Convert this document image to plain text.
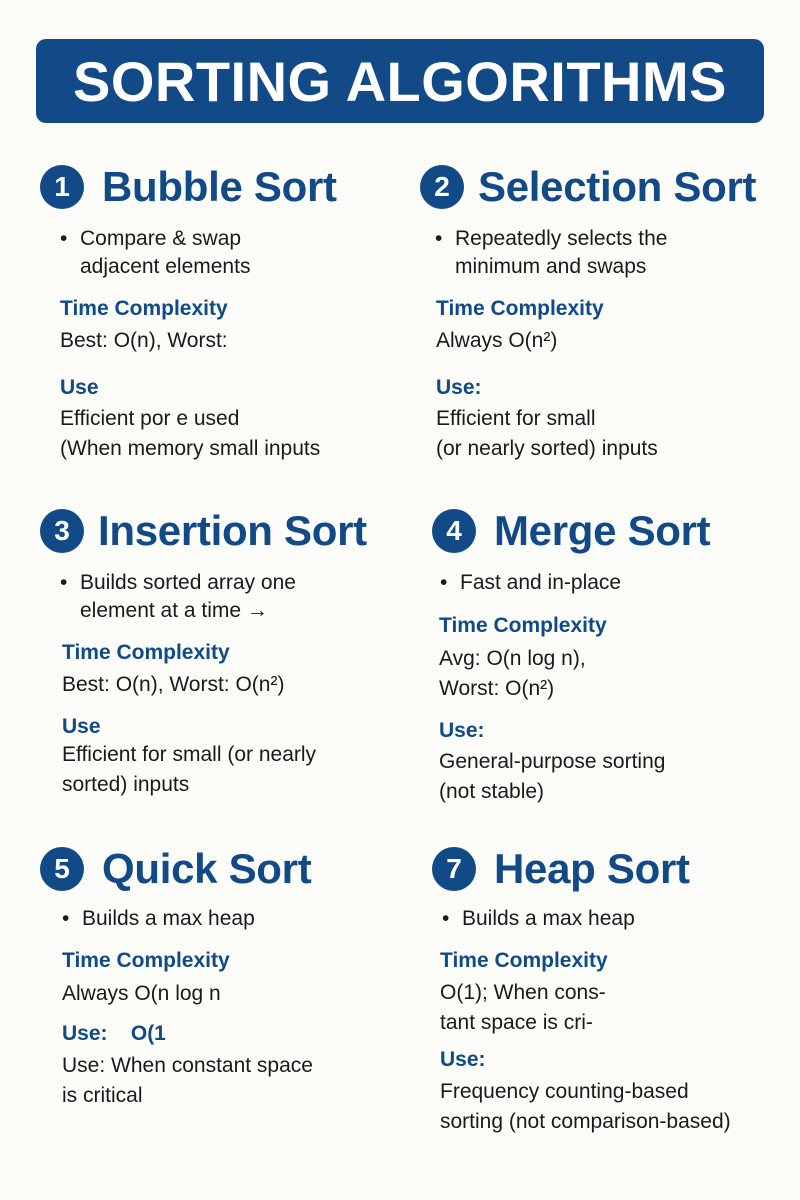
SORTING ALGORITHMS
1 Bubble Sort
• Compare & swap
adjacent elements
Time Complexity
Best: O(n), Worst:
Use
Efficient por e used
(When memory small inputs
2 Selection Sort
• Repeatedly selects the
minimum and swaps
Time Complexity
Always O(n²)
Use:
Efficient for small
(or nearly sorted) inputs
3 Insertion Sort
• Builds sorted array one
element at a time →
Time Complexity
Best: O(n), Worst: O(n²)
Use
Efficient for small (or nearly
sorted) inputs
4 Merge Sort
• Fast and in-place
Time Complexity
Avg: O(n log n),
Worst: O(n²)
Use:
General-purpose sorting
(not stable)
5 Quick Sort
• Builds a max heap
Time Complexity
Always O(n log n
Use:    O(1
Use: When constant space
is critical
7 Heap Sort
• Builds a max heap
Time Complexity
O(1); When cons-
tant space is cri-
Use:
Frequency counting-based
sorting (not comparison-based)
